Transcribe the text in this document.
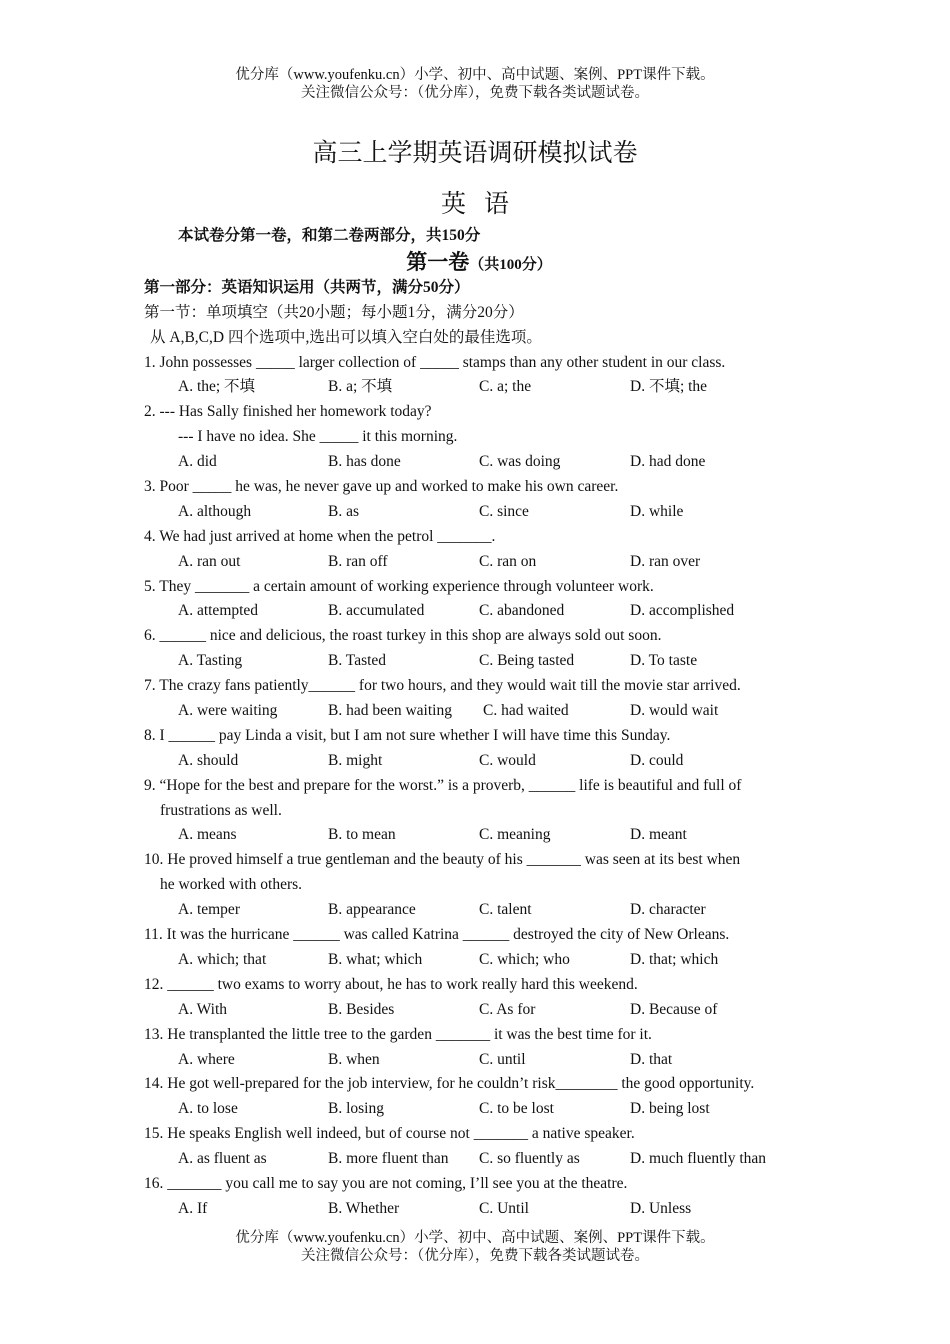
优分库（www.youfenku.cn）小学、初中、高中试题、案例、PPT课件下载。
关注微信公众号：（优分库），免费下载各类试题试卷。
高三上学期英语调研模拟试卷
英语
本试卷分第一卷，和第二卷两部分，共150分
第一卷（共100分）
第一部分：英语知识运用（共两节，满分50分）
第一节：单项填空（共20小题；每小题1分，满分20分）
从 A,B,C,D 四个选项中,选出可以填入空白处的最佳选项。
1. John possesses _____ larger collection of _____ stamps than any other student in our class.
A. the; 不填	B. a; 不填	C. a; the	D. 不填; the
2. --- Has Sally finished her homework today?
--- I have no idea. She _____ it this morning.
A. did	B. has done	C. was doing	D. had done
3. Poor _____ he was, he never gave up and worked to make his own career.
A. although	B. as	C. since	D. while
4. We had just arrived at home when the petrol _______.
A. ran out	B. ran off	C. ran on	D. ran over
5. They _______ a certain amount of working experience through volunteer work.
A. attempted	B. accumulated	C. abandoned	D. accomplished
6. ______ nice and delicious, the roast turkey in this shop are always sold out soon.
A. Tasting	B. Tasted	C. Being tasted	D. To taste
7. The crazy fans patiently______ for two hours, and they would wait till the movie star arrived.
A. were waiting	B. had been waiting C. had waited	D. would wait
8. I ______ pay Linda a visit, but I am not sure whether I will have time this Sunday.
A. should	B. might	C. would	D. could
9. “Hope for the best and prepare for the worst.” is a proverb, ______ life is beautiful and full of
frustrations as well.
A. means	B. to mean	C. meaning	D. meant
10. He proved himself a true gentleman and the beauty of his _______ was seen at its best when
he worked with others.
A. temper	B. appearance	C. talent	D. character
11. It was the hurricane ______ was called Katrina ______ destroyed the city of New Orleans.
A. which; that	B. what; which	C. which; who	D. that; which
12. ______ two exams to worry about, he has to work really hard this weekend.
A. With	B. Besides	C. As for	D. Because of
13. He transplanted the little tree to the garden _______ it was the best time for it.
A. where	B. when	C. until	D. that
14. He got well-prepared for the job interview, for he couldn’t risk________ the good opportunity.
A. to lose	B. losing	C. to be lost	D. being lost
15. He speaks English well indeed, but of course not _______ a native speaker.
A. as fluent as	B. more fluent than C. so fluently as	D. much fluently than
16. _______ you call me to say you are not coming, I’ll see you at the theatre.
A. If	B. Whether	C. Until	D. Unless
优分库（www.youfenku.cn）小学、初中、高中试题、案例、PPT课件下载。
关注微信公众号：（优分库），免费下载各类试题试卷。
